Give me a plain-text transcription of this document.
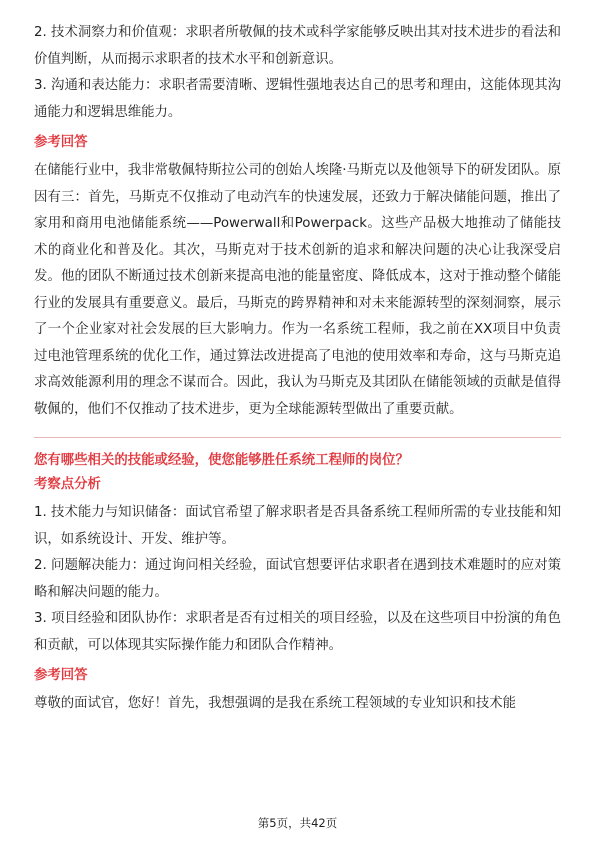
2. 技术洞察力和价值观：求职者所敬佩的技术或科学家能够反映出其对技术进步的看法和价值判断，从而揭示求职者的技术水平和创新意识。

3. 沟通和表达能力：求职者需要清晰、逻辑性强地表达自己的思考和理由，这能体现其沟通能力和逻辑思维能力。

参考回答

在储能行业中，我非常敬佩特斯拉公司的创始人埃隆·马斯克以及他领导下的研发团队。原因有三：首先，马斯克不仅推动了电动汽车的快速发展，还致力于解决储能问题，推出了家用和商用电池储能系统——Powerwall和Powerpack。这些产品极大地推动了储能技术的商业化和普及化。其次，马斯克对于技术创新的追求和解决问题的决心让我深受启发。他的团队不断通过技术创新来提高电池的能量密度、降低成本，这对于推动整个储能行业的发展具有重要意义。最后，马斯克的跨界精神和对未来能源转型的深刻洞察，展示了一个企业家对社会发展的巨大影响力。作为一名系统工程师，我之前在XX项目中负责过电池管理系统的优化工作，通过算法改进提高了电池的使用效率和寿命，这与马斯克追求高效能源利用的理念不谋而合。因此，我认为马斯克及其团队在储能领域的贡献是值得敬佩的，他们不仅推动了技术进步，更为全球能源转型做出了重要贡献。

您有哪些相关的技能或经验，使您能够胜任系统工程师的岗位？

考察点分析

1. 技术能力与知识储备：面试官希望了解求职者是否具备系统工程师所需的专业技能和知识，如系统设计、开发、维护等。

2. 问题解决能力：通过询问相关经验，面试官想要评估求职者在遇到技术难题时的应对策略和解决问题的能力。

3. 项目经验和团队协作：求职者是否有过相关的项目经验，以及在这些项目中扮演的角色和贡献，可以体现其实际操作能力和团队合作精神。

参考回答

尊敬的面试官，您好！首先，我想强调的是我在系统工程领域的专业知识和技术能

第5页，共42页
